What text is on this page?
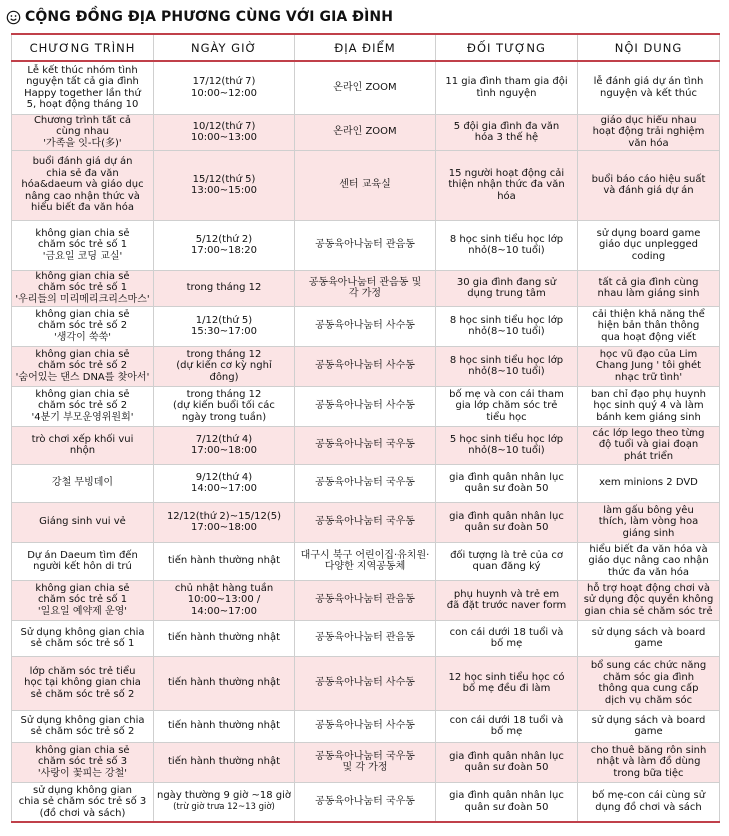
CỘNG ĐỒNG ĐỊA PHƯƠNG CÙNG VỚI GIA ĐÌNH
CHƯƠNG TRÌNH	NGÀY GIỜ	ĐỊA ĐIỂM	ĐỐI TƯỢNG	NỘI DUNG

Lễ kết thúc nhóm tình
nguyện tất cả gia đình
Happy together lần thứ
5, hoạt động tháng 10	17/12(thứ 7)
10:00~12:00	온라인 ZOOM	11 gia đình tham gia đội
tình nguyện	lễ đánh giá dự án tình
nguyện và kết thúc

Chương trình tất cả
cùng nhau
'가족을 잇-다(多)'	10/12(thứ 7)
10:00~13:00	온라인 ZOOM	5 đội gia đình đa văn
hóa 3 thế hệ	giáo dục hiểu nhau
hoạt động trải nghiệm
văn hóa

buổi đánh giá dự án
chia sẻ đa văn
hóa&daeum và giáo dục
nâng cao nhận thức và
hiểu biết đa văn hóa	15/12(thứ 5)
13:00~15:00	센터 교육실	15 người hoạt động cải
thiện nhận thức đa văn
hóa	buổi báo cáo hiệu suất
và đánh giá dự án

không gian chia sẻ
chăm sóc trẻ số 1
'금요일 코딩 교실'	5/12(thứ 2)
17:00~18:20	공동육아나눔터 관음동	8 học sinh tiểu học lớp
nhỏ(8~10 tuổi)	sử dụng board game
giáo dục unplegged
coding

không gian chia sẻ
chăm sóc trẻ số 1
'우리들의 미리메리크리스마스'	trong tháng 12	공동육아나눔터 관음동 및
각 가정	30 gia đình đang sử
dụng trung tâm	tất cả gia đình cùng
nhau làm giáng sinh

không gian chia sẻ
chăm sóc trẻ số 2
'생각이 쑥쑥'	1/12(thứ 5)
15:30~17:00	공동육아나눔터 사수동	8 học sinh tiểu học lớp
nhỏ(8~10 tuổi)	cải thiện khả năng thể
hiện bản thân thông
qua hoạt động viết

không gian chia sẻ
chăm sóc trẻ số 2
'숨어있는 댄스 DNA를 찾아서'	trong tháng 12
(dự kiến cơ kỳ nghỉ
đông)	공동육아나눔터 사수동	8 học sinh tiểu học lớp
nhỏ(8~10 tuổi)	học vũ đạo của Lim
Chang Jung ' tôi ghét
nhạc trữ tình'

không gian chia sẻ
chăm sóc trẻ số 2
'4분기 부모운영위원회'	trong tháng 12
(dự kiến buổi tối các
ngày trong tuần)	공동육아나눔터 사수동	bố mẹ và con cái tham
gia lớp chăm sóc trẻ
tiểu học	ban chỉ đạo phụ huynh
học sinh quý 4 và làm
bánh kem giáng sinh

trò chơi xếp khối vui
nhộn	7/12(thứ 4)
17:00~18:00	공동육아나눔터 국우동	5 học sinh tiểu học lớp
nhỏ(8~10 tuổi)	các lớp lego theo từng
độ tuổi và giai đoạn
phát triển

강철 무빙데이	9/12(thứ 4)
14:00~17:00	공동육아나눔터 국우동	gia đình quân nhân lục
quân sư đoàn 50	xem minions 2 DVD

Giáng sinh vui vẻ	12/12(thứ 2)~15/12(5)
17:00~18:00	공동육아나눔터 국우동	gia đình quân nhân lục
quân sư đoàn 50	làm gấu bông yêu
thích, làm vòng hoa
giáng sinh

Dự án Daeum tìm đến
người kết hôn di trú	tiến hành thường nhật	대구시 북구 어린이집·유치원·
다양한 지역공동체	đối tượng là trẻ của cơ
quan đăng ký	hiểu biết đa văn hóa và
giáo dục nâng cao nhận
thức đa văn hóa

không gian chia sẻ
chăm sóc trẻ số 1
'일요일 예약제 운영'	chủ nhật hàng tuần
10:00~13:00 /
14:00~17:00	공동육아나눔터 관음동	phụ huynh và trẻ em
đã đặt trước naver form	hỗ trợ hoạt động chơi và
sử dụng độc quyền không
gian chia sẻ chăm sóc trẻ

Sử dụng không gian chia
sẻ chăm sóc trẻ số 1	tiến hành thường nhật	공동육아나눔터 관음동	con cái dưới 18 tuổi và
bố mẹ	sử dụng sách và board
game

lớp chăm sóc trẻ tiểu
học tại không gian chia
sẻ chăm sóc trẻ số 2	tiến hành thường nhật	공동육아나눔터 사수동	12 học sinh tiểu học có
bố mẹ đều đi làm	bổ sung các chức năng
chăm sóc gia đình
thông qua cung cấp
dịch vụ chăm sóc

Sử dụng không gian chia
sẻ chăm sóc trẻ số 2	tiến hành thường nhật	공동육아나눔터 사수동	con cái dưới 18 tuổi và
bố mẹ	sử dụng sách và board
game

không gian chia sẻ
chăm sóc trẻ số 3
'사랑이 꽃피는 강철'	tiến hành thường nhật	공동육아나눔터 국우동
및 각 가정	gia đình quân nhân lục
quân sư đoàn 50	cho thuê băng rôn sinh
nhật và làm đồ dùng
trong bữa tiệc

sử dụng không gian
chia sẻ chăm sóc trẻ số 3
(đồ chơi và sách)	ngày thường 9 giờ ~18 giờ
(trừ giờ trưa 12~13 giờ)	공동육아나눔터 국우동	gia đình quân nhân lục
quân sư đoàn 50	bố mẹ-con cái cùng sử
dụng đồ chơi và sách
